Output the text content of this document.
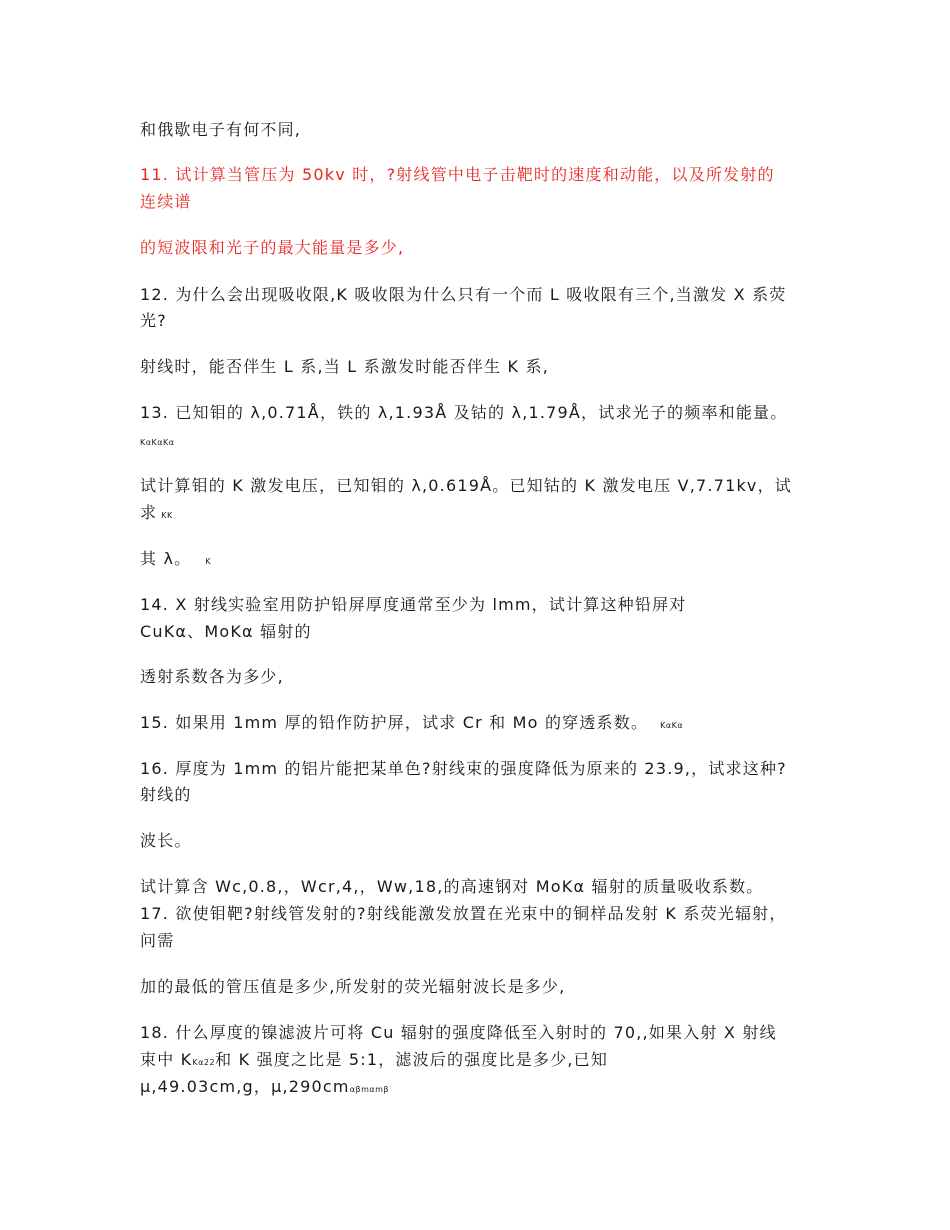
和俄歇电子有何不同,
11. 试计算当管压为 50kv 时，?射线管中电子击靶时的速度和动能，以及所发射的
连续谱
的短波限和光子的最大能量是多少,
12. 为什么会出现吸收限,K 吸收限为什么只有一个而 L 吸收限有三个,当激发 X 系荧
光?
射线时，能否伴生 L 系,当 L 系激发时能否伴生 K 系,
13. 已知钼的 λ,0.71Å，铁的 λ,1.93Å 及钴的 λ,1.79Å，试求光子的频率和能量。
KαKαKα
试计算钼的 K 激发电压，已知钼的 λ,0.619Å。已知钴的 K 激发电压 V,7.71kv，试
求KK
其 λ。 K
14. X 射线实验室用防护铅屏厚度通常至少为 lmm，试计算这种铅屏对
CuKα、MoKα 辐射的
透射系数各为多少,
15. 如果用 1mm 厚的铅作防护屏，试求 Cr 和 Mo 的穿透系数。 KαKα
16. 厚度为 1mm 的铝片能把某单色?射线束的强度降低为原来的 23.9,，试求这种?
射线的
波长。
试计算含 Wc,0.8,，Wcr,4,，Ww,18,的高速钢对 MoKα 辐射的质量吸收系数。
17. 欲使钼靶?射线管发射的?射线能激发放置在光束中的铜样品发射 K 系荧光辐射，
问需
加的最低的管压值是多少,所发射的荧光辐射波长是多少,
18. 什么厚度的镍滤波片可将 Cu 辐射的强度降低至入射时的 70,,如果入射 X 射线
束中 KKα22和 K 强度之比是 5:1，滤波后的强度比是多少,已知
μ,49.03cm,g，μ,290cmαβmαmβ
